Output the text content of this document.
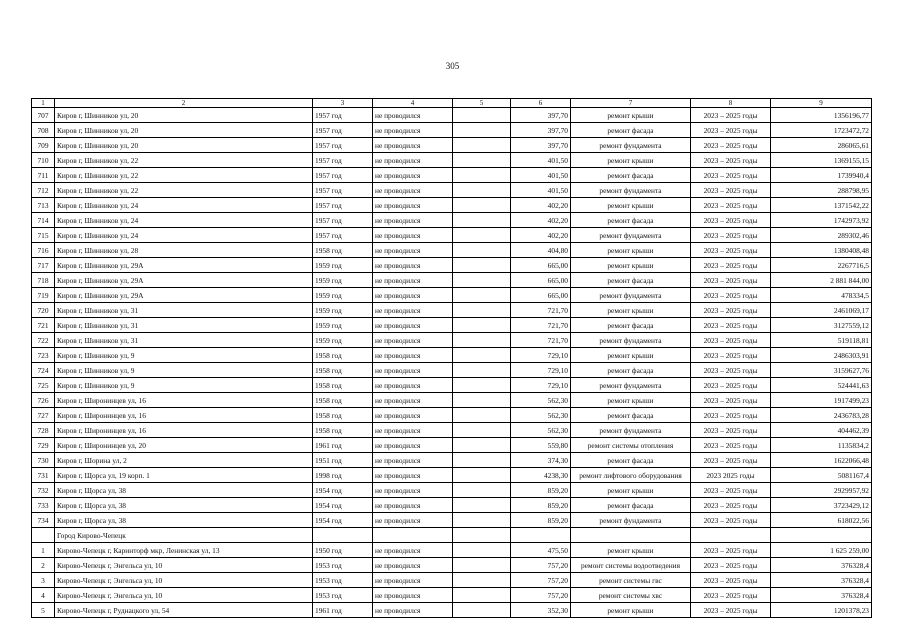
305
1	2	3	4	5	6	7	8	9
707	Киров г, Шинников ул, 20	1957 год	не проводился		397,70	ремонт крыши	2023 – 2025 годы	1356196,77
708	Киров г, Шинников ул, 20	1957 год	не проводился		397,70	ремонт фасада	2023 – 2025 годы	1723472,72
709	Киров г, Шинников ул, 20	1957 год	не проводился		397,70	ремонт фундамента	2023 – 2025 годы	286065,61
710	Киров г, Шинников ул, 22	1957 год	не проводился		401,50	ремонт крыши	2023 – 2025 годы	1369155,15
711	Киров г, Шинников ул, 22	1957 год	не проводился		401,50	ремонт фасада	2023 – 2025 годы	1739940,4
712	Киров г, Шинников ул, 22	1957 год	не проводился		401,50	ремонт фундамента	2023 – 2025 годы	288798,95
713	Киров г, Шинников ул, 24	1957 год	не проводился		402,20	ремонт крыши	2023 – 2025 годы	1371542,22
714	Киров г, Шинников ул, 24	1957 год	не проводился		402,20	ремонт фасада	2023 – 2025 годы	1742973,92
715	Киров г, Шинников ул, 24	1957 год	не проводился		402,20	ремонт фундамента	2023 – 2025 годы	289302,46
716	Киров г, Шинников ул, 28	1958 год	не проводился		404,80	ремонт крыши	2023 – 2025 годы	1380408,48
717	Киров г, Шинников ул, 29А	1959 год	не проводился		665,00	ремонт крыши	2023 – 2025 годы	2267716,5
718	Киров г, Шинников ул, 29А	1959 год	не проводился		665,00	ремонт фасада	2023 – 2025 годы	2 881 844,00
719	Киров г, Шинников ул, 29А	1959 год	не проводился		665,00	ремонт фундамента	2023 – 2025 годы	478334,5
720	Киров г, Шинников ул, 31	1959 год	не проводился		721,70	ремонт крыши	2023 – 2025 годы	2461069,17
721	Киров г, Шинников ул, 31	1959 год	не проводился		721,70	ремонт фасада	2023 – 2025 годы	3127559,12
722	Киров г, Шинников ул, 31	1959 год	не проводился		721,70	ремонт фундамента	2023 – 2025 годы	519118,81
723	Киров г, Шинников ул, 9	1958 год	не проводился		729,10	ремонт крыши	2023 – 2025 годы	2486303,91
724	Киров г, Шинников ул, 9	1958 год	не проводился		729,10	ремонт фасада	2023 – 2025 годы	3159627,76
725	Киров г, Шинников ул, 9	1958 год	не проводился		729,10	ремонт фундамента	2023 – 2025 годы	524441,63
726	Киров г, Широнинцев ул, 16	1958 год	не проводился		562,30	ремонт крыши	2023 – 2025 годы	1917499,23
727	Киров г, Широнинцев ул, 16	1958 год	не проводился		562,30	ремонт фасада	2023 – 2025 годы	2436783,28
728	Киров г, Широнинцев ул, 16	1958 год	не проводился		562,30	ремонт фундамента	2023 – 2025 годы	404462,39
729	Киров г, Широнинцев ул, 20	1961 год	не проводился		559,80	ремонт системы отопления	2023 – 2025 годы	1135834,2
730	Киров г, Шорина ул, 2	1951 год	не проводился		374,30	ремонт фасада	2023 – 2025 годы	1622066,48
731	Киров г, Щорса ул, 19 корп. 1	1998 год	не проводился		4238,30	ремонт лифтового оборудования	2023 2025 годы	5081167,4
732	Киров г, Щорса ул, 38	1954 год	не проводился		859,20	ремонт крыши	2023 – 2025 годы	2929957,92
733	Киров г, Щорса ул, 38	1954 год	не проводился		859,20	ремонт фасада	2023 – 2025 годы	3723429,12
734	Киров г, Щорса ул, 38	1954 год	не проводился		859,20	ремонт фундамента	2023 – 2025 годы	618022,56
	Город Кирово-Чепецк							
1	Кирово-Чепецк г, Каринторф мкр, Ленинская ул, 13	1950 год	не проводился		475,50	ремонт крыши	2023 – 2025 годы	1 625 259,00
2	Кирово-Чепецк г, Энгельса ул, 10	1953 год	не проводился		757,20	ремонт системы водоотведения	2023 – 2025 годы	376328,4
3	Кирово-Чепецк г, Энгельса ул, 10	1953 год	не проводился		757,20	ремонт системы гвс	2023 – 2025 годы	376328,4
4	Кирово-Чепецк г, Энгельса ул, 10	1953 год	не проводился		757,20	ремонт системы хвс	2023 – 2025 годы	376328,4
5	Кирово-Чепецк г, Руднацкого ул, 54	1961 год	не проводился		352,30	ремонт крыши	2023 – 2025 годы	1201378,23
